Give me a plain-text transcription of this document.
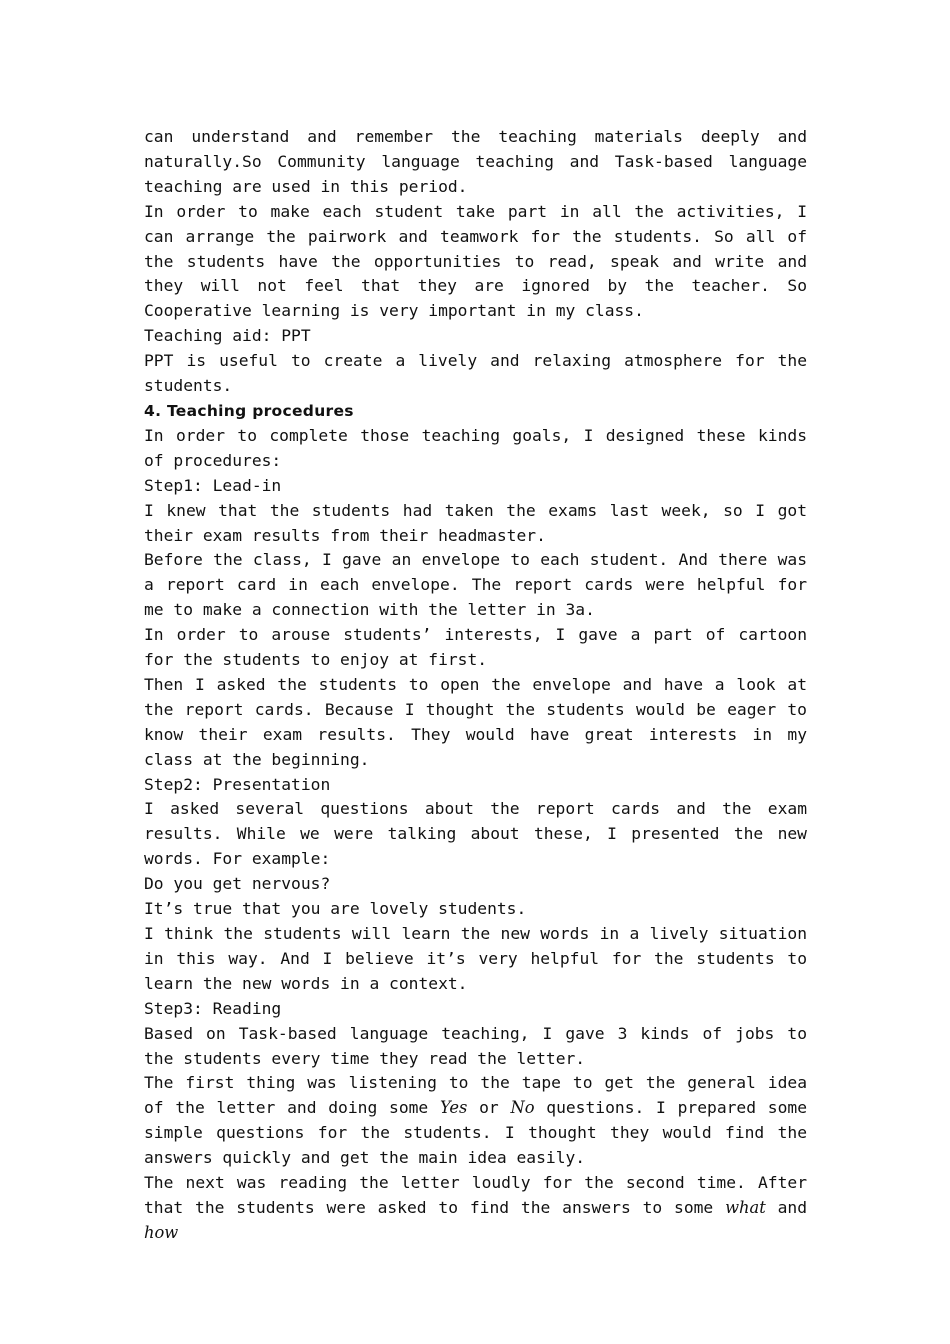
can understand and remember the teaching materials deeply and naturally.So Community language teaching and Task-based language teaching are used in this period.

In order to make each student take part in all the activities, I can arrange the pairwork and teamwork for the students. So all of the students have the opportunities to read, speak and write and they will not feel that they are ignored by the teacher. So Cooperative learning is very important in my class.

Teaching aid: PPT

PPT is useful to create a lively and relaxing atmosphere for the students.

4. Teaching procedures

In order to complete those teaching goals, I designed these kinds of procedures:

Step1: Lead-in

I knew that the students had taken the exams last week, so I got their exam results from their headmaster.

Before the class, I gave an envelope to each student. And there was a report card in each envelope. The report cards were helpful for me to make a connection with the letter in 3a.

In order to arouse students’ interests, I gave a part of cartoon for the students to enjoy at first.

Then I asked the students to open the envelope and have a look at the report cards. Because I thought the students would be eager to know their exam results. They would have great interests in my class at the beginning.

Step2: Presentation

I asked several questions about the report cards and the exam results. While we were talking about these, I presented the new words. For example:

Do you get nervous?

It’s true that you are lovely students.

I think the students will learn the new words in a lively situation in this way. And I believe it’s very helpful for the students to learn the new words in a context.

Step3: Reading

Based on Task-based language teaching, I gave 3 kinds of jobs to the students every time they read the letter.

The first thing was listening to the tape to get the general idea of the letter and doing some Yes or No questions. I prepared some simple questions for the students. I thought they would find the answers quickly and get the main idea easily.

The next was reading the letter loudly for the second time. After that the students were asked to find the answers to some what and how
